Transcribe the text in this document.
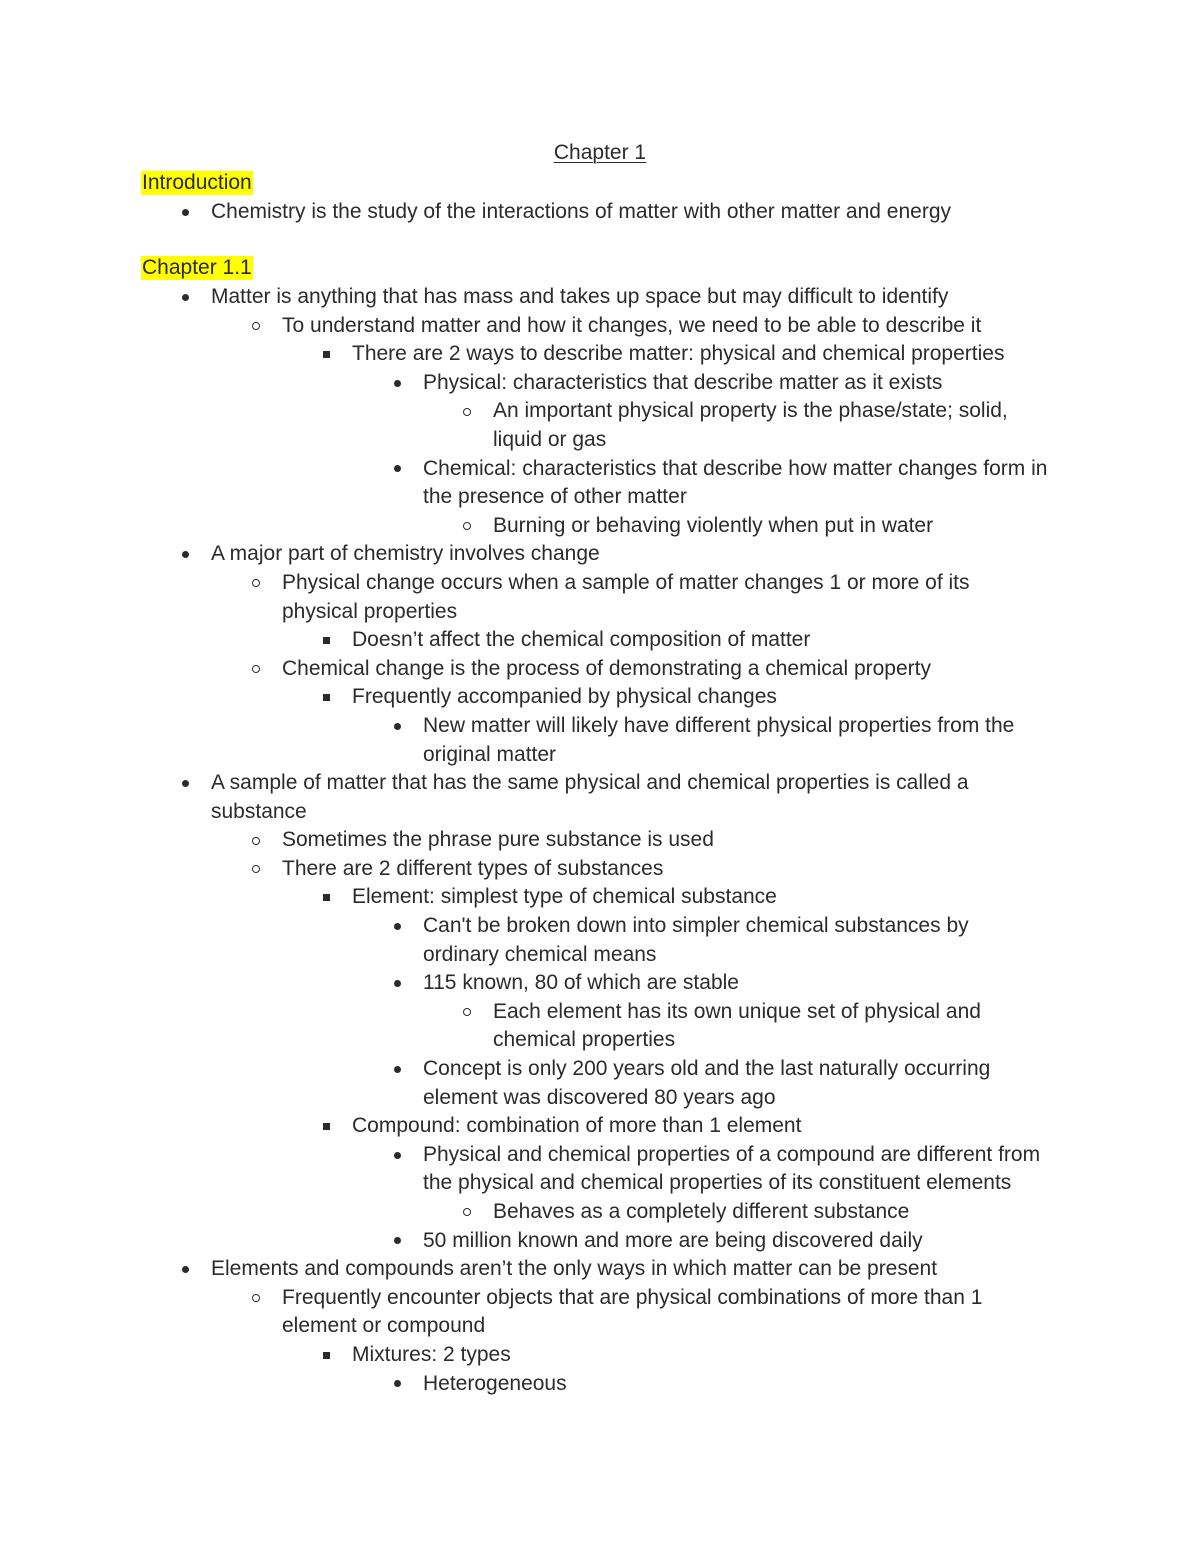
Chapter 1
Introduction
Chemistry is the study of the interactions of matter with other matter and energy
Chapter 1.1
Matter is anything that has mass and takes up space but may difficult to identify
To understand matter and how it changes, we need to be able to describe it
There are 2 ways to describe matter: physical and chemical properties
Physical: characteristics that describe matter as it exists
An important physical property is the phase/state; solid, liquid or gas
Chemical: characteristics that describe how matter changes form in the presence of other matter
Burning or behaving violently when put in water
A major part of chemistry involves change
Physical change occurs when a sample of matter changes 1 or more of its physical properties
Doesn’t affect the chemical composition of matter
Chemical change is the process of demonstrating a chemical property
Frequently accompanied by physical changes
New matter will likely have different physical properties from the original matter
A sample of matter that has the same physical and chemical properties is called a substance
Sometimes the phrase pure substance is used
There are 2 different types of substances
Element: simplest type of chemical substance
Can't be broken down into simpler chemical substances by ordinary chemical means
115 known, 80 of which are stable
Each element has its own unique set of physical and chemical properties
Concept is only 200 years old and the last naturally occurring element was discovered 80 years ago
Compound: combination of more than 1 element
Physical and chemical properties of a compound are different from the physical and chemical properties of its constituent elements
Behaves as a completely different substance
50 million known and more are being discovered daily
Elements and compounds aren’t the only ways in which matter can be present
Frequently encounter objects that are physical combinations of more than 1 element or compound
Mixtures: 2 types
Heterogeneous
